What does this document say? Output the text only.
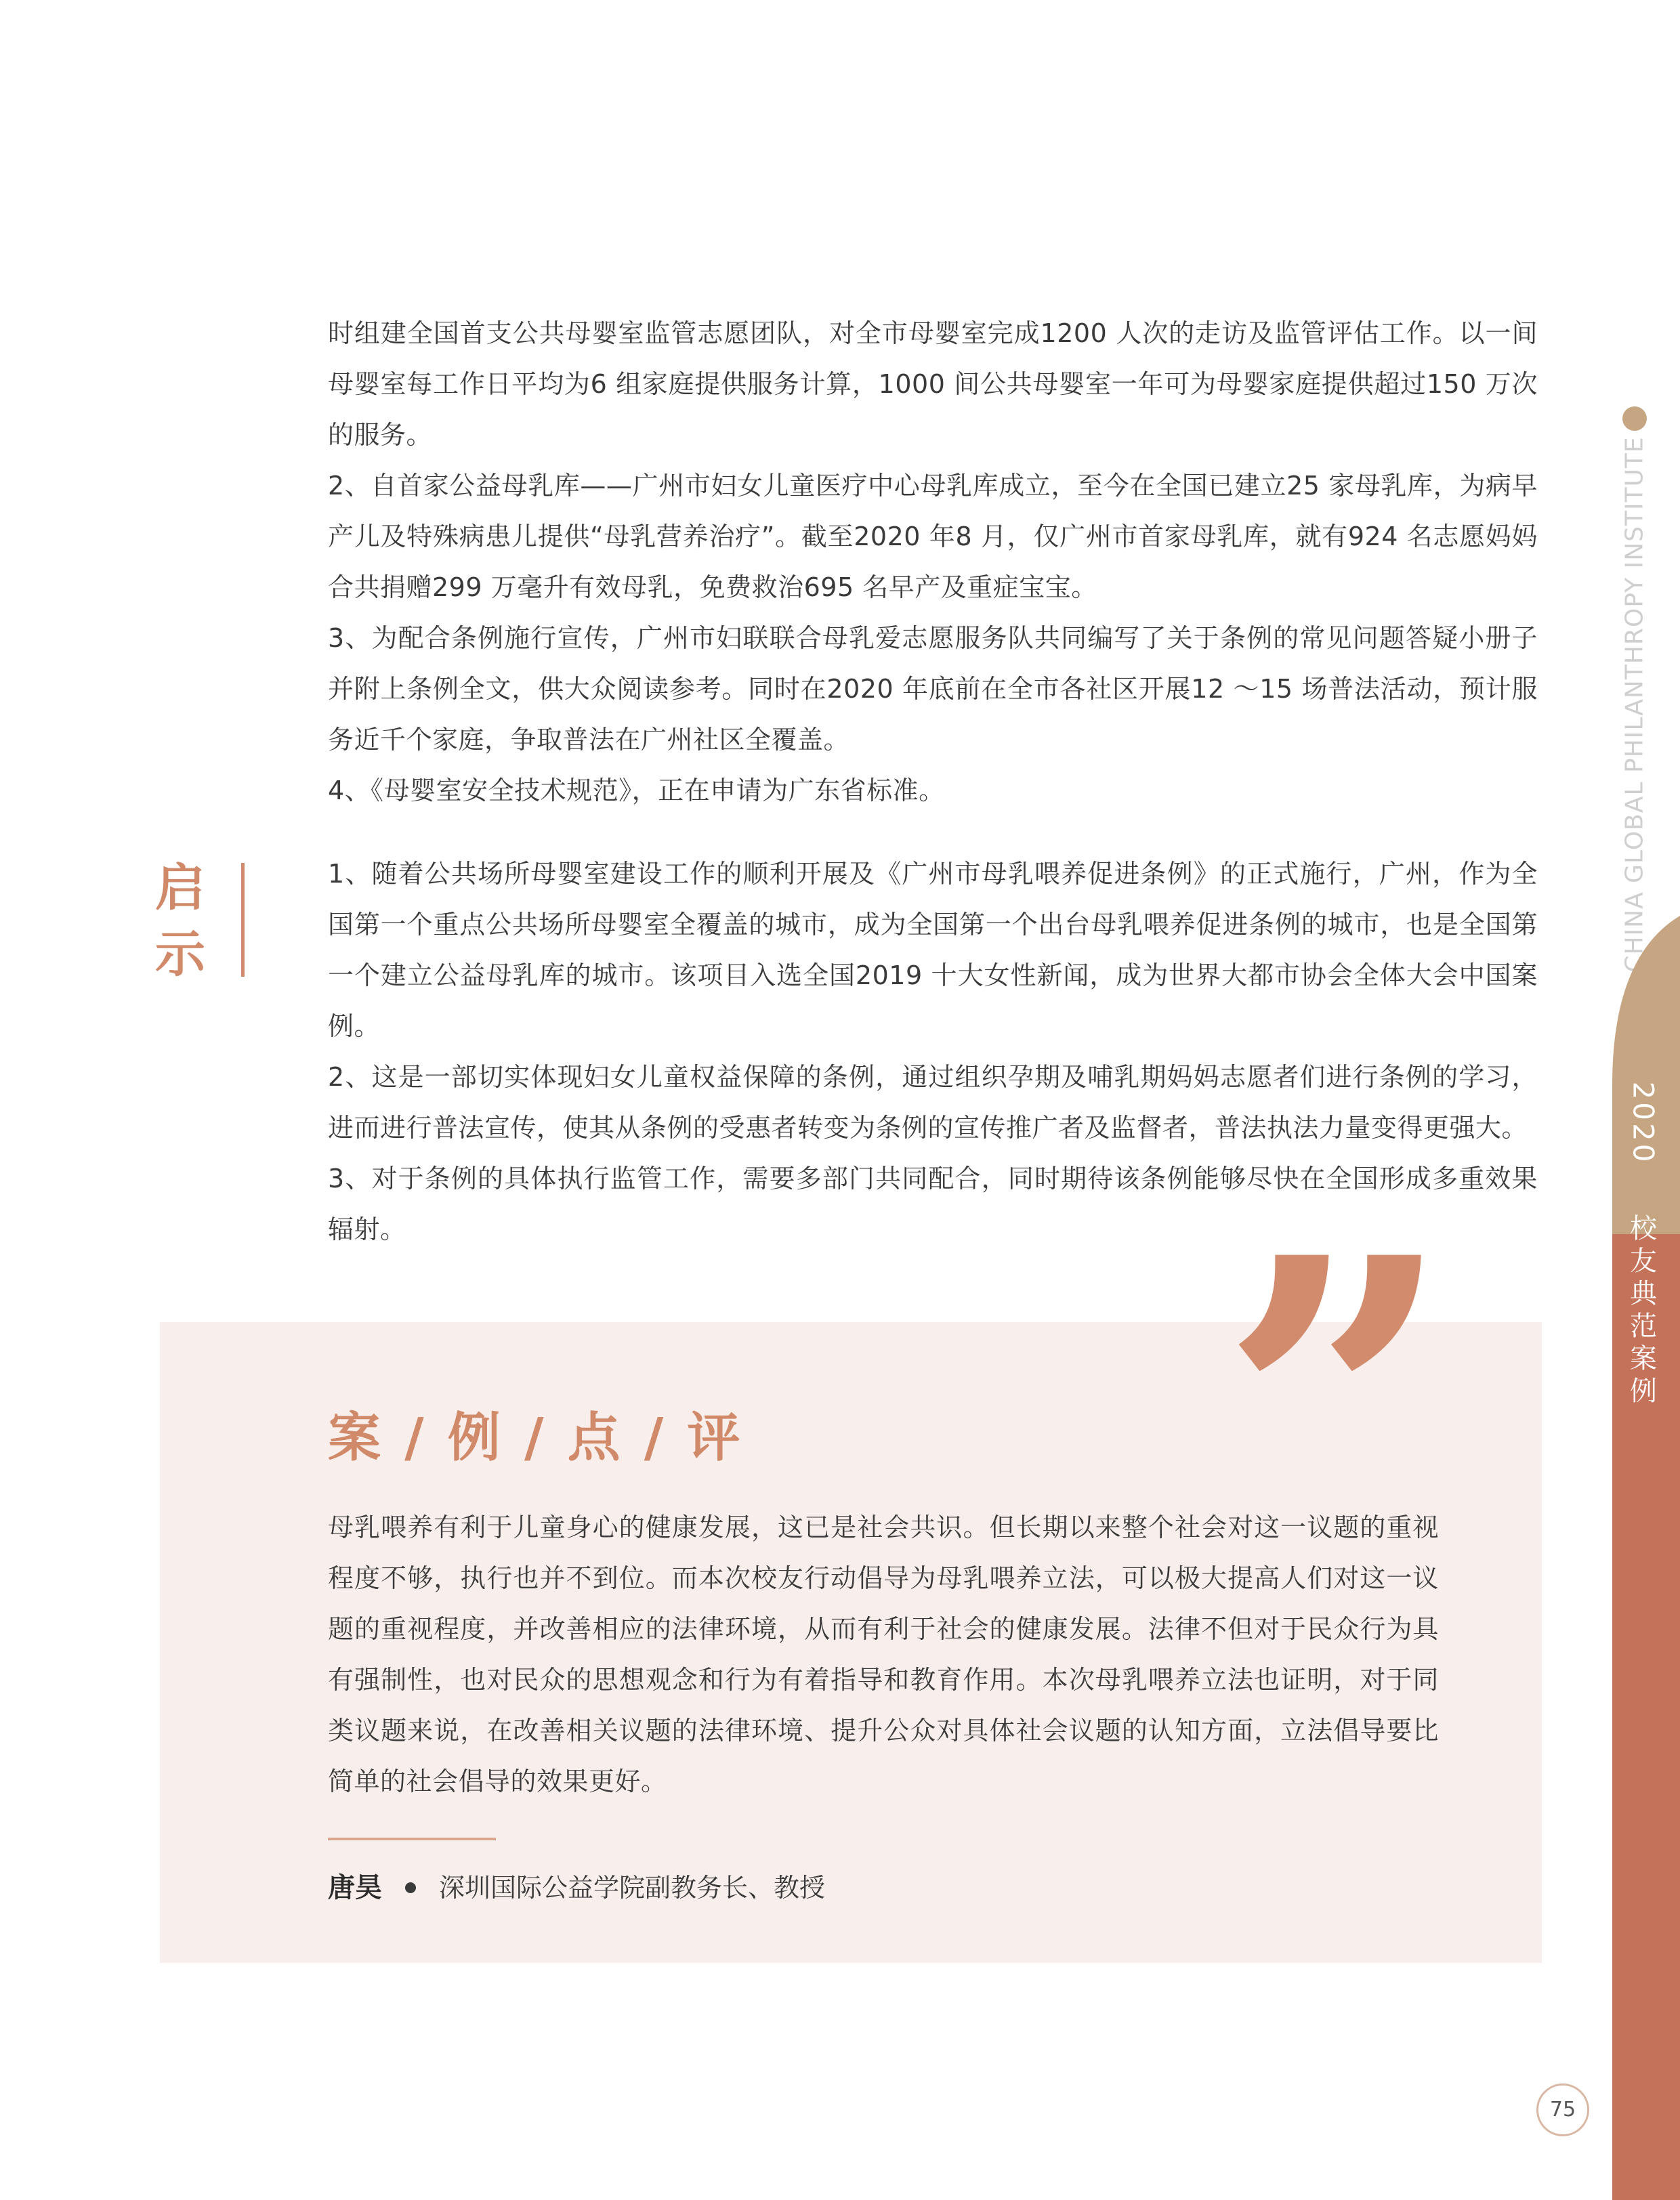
时组建全国首支公共母婴室监管志愿团队，对全市母婴室完成1200 人次的走访及监管评估工作。以一间母婴室每工作日平均为6 组家庭提供服务计算，1000 间公共母婴室一年可为母婴家庭提供超过150 万次的服务。

2、自首家公益母乳库——广州市妇女儿童医疗中心母乳库成立，至今在全国已建立25 家母乳库，为病早产儿及特殊病患儿提供“母乳营养治疗”。截至2020 年8 月，仅广州市首家母乳库，就有924 名志愿妈妈合共捐赠299 万毫升有效母乳，免费救治695 名早产及重症宝宝。

3、为配合条例施行宣传，广州市妇联联合母乳爱志愿服务队共同编写了关于条例的常见问题答疑小册子并附上条例全文，供大众阅读参考。同时在2020 年底前在全市各社区开展12 ～15 场普法活动，预计服务近千个家庭，争取普法在广州社区全覆盖。

4、《母婴室安全技术规范》，正在申请为广东省标准。

启
示

1、随着公共场所母婴室建设工作的顺利开展及《广州市母乳喂养促进条例》的正式施行，广州，作为全国第一个重点公共场所母婴室全覆盖的城市，成为全国第一个出台母乳喂养促进条例的城市，也是全国第一个建立公益母乳库的城市。该项目入选全国2019 十大女性新闻，成为世界大都市协会全体大会中国案例。

2、这是一部切实体现妇女儿童权益保障的条例，通过组织孕期及哺乳期妈妈志愿者们进行条例的学习，进而进行普法宣传，使其从条例的受惠者转变为条例的宣传推广者及监督者，普法执法力量变得更强大。

3、对于条例的具体执行监管工作，需要多部门共同配合，同时期待该条例能够尽快在全国形成多重效果辐射。	”
案 / 例 / 点 / 评

母乳喂养有利于儿童身心的健康发展，这已是社会共识。但长期以来整个社会对这一议题的重视程度不够，执行也并不到位。而本次校友行动倡导为母乳喂养立法，可以极大提高人们对这一议题的重视程度，并改善相应的法律环境，从而有利于社会的健康发展。法律不但对于民众行为具有强制性，也对民众的思想观念和行为有着指导和教育作用。本次母乳喂养立法也证明，对于同类议题来说，在改善相关议题的法律环境、提升公众对具体社会议题的认知方面，立法倡导要比简单的社会倡导的效果更好。

唐昊 深圳国际公益学院副教务长、教授
CHINA GLOBAL PHILANTHROPY INSTITUTE
2020
校友典范案例
75
